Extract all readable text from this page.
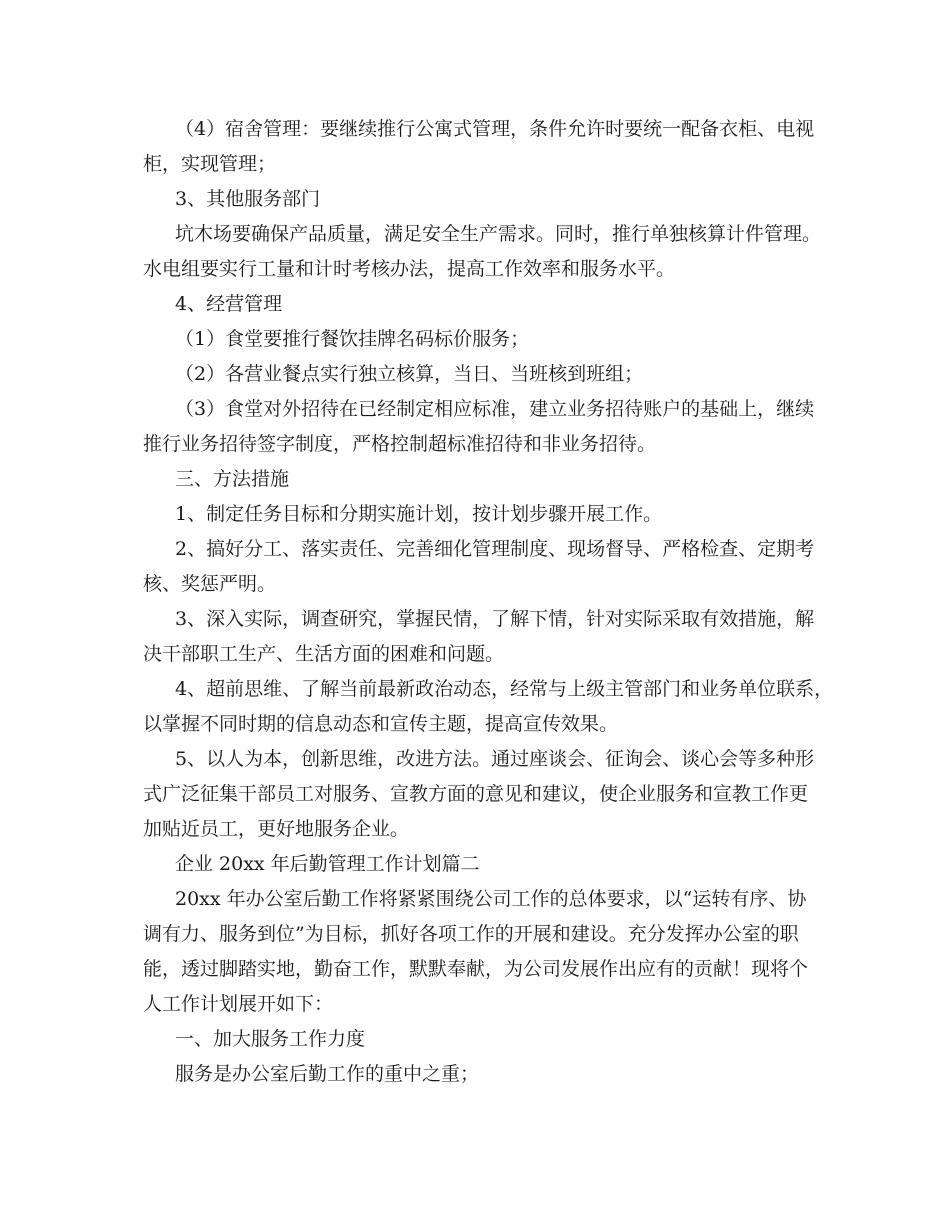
（4）宿舍管理：要继续推行公寓式管理，条件允许时要统一配备衣柜、电视
柜，实现管理；
3、其他服务部门
坑木场要确保产品质量，满足安全生产需求。同时，推行单独核算计件管理。
水电组要实行工量和计时考核办法，提高工作效率和服务水平。
4、经营管理
（1）食堂要推行餐饮挂牌名码标价服务；
（2）各营业餐点实行独立核算，当日、当班核到班组；
（3）食堂对外招待在已经制定相应标准，建立业务招待账户的基础上，继续
推行业务招待签字制度，严格控制超标准招待和非业务招待。
三、方法措施
1、制定任务目标和分期实施计划，按计划步骤开展工作。
2、搞好分工、落实责任、完善细化管理制度、现场督导、严格检查、定期考
核、奖惩严明。
3、深入实际，调查研究，掌握民情，了解下情，针对实际采取有效措施，解
决干部职工生产、生活方面的困难和问题。
4、超前思维、了解当前最新政治动态，经常与上级主管部门和业务单位联系，
以掌握不同时期的信息动态和宣传主题，提高宣传效果。
5、以人为本，创新思维，改进方法。通过座谈会、征询会、谈心会等多种形
式广泛征集干部员工对服务、宣教方面的意见和建议，使企业服务和宣教工作更
加贴近员工，更好地服务企业。
企业 20xx 年后勤管理工作计划篇二
20xx 年办公室后勤工作将紧紧围绕公司工作的总体要求，以“运转有序、协
调有力、服务到位”为目标，抓好各项工作的开展和建设。充分发挥办公室的职
能，透过脚踏实地，勤奋工作，默默奉献，为公司发展作出应有的贡献！现将个
人工作计划展开如下：
一、加大服务工作力度
服务是办公室后勤工作的重中之重；
